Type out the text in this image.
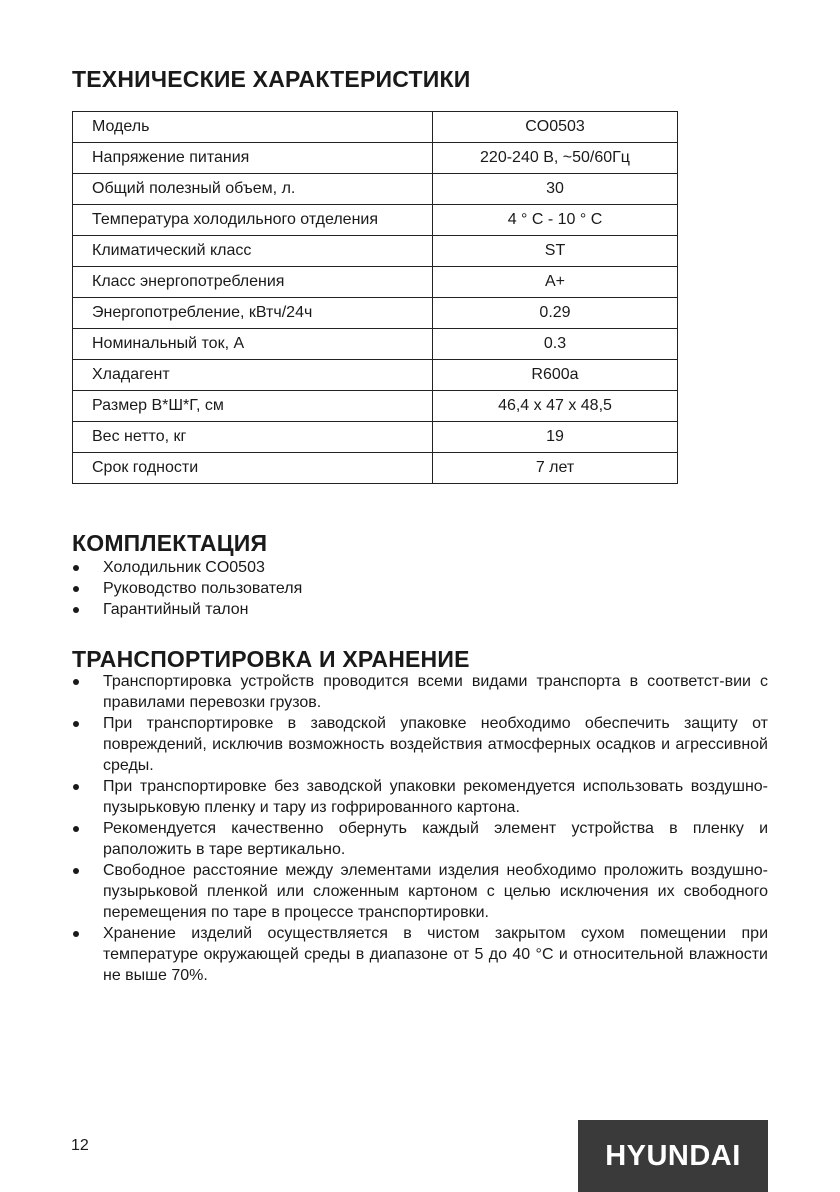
ТЕХНИЧЕСКИЕ ХАРАКТЕРИСТИКИ
Модель	CO0503
Напряжение питания	220-240 В, ~50/60Гц
Общий полезный объем, л.	30
Температура холодильного отделения	4 ° C - 10 ° C
Климатический класс	ST
Класс энергопотребления	A+
Энергопотребление, кВтч/24ч	0.29
Номинальный ток, А	0.3
Хладагент	R600a
Размер В*Ш*Г, см	46,4 х 47 х 48,5
Вес нетто, кг	19
Срок годности	7 лет
КОМПЛЕКТАЦИЯ
Холодильник CO0503
Руководство пользователя
Гарантийный талон
ТРАНСПОРТИРОВКА И ХРАНЕНИЕ
Транспортировка устройств проводится всеми видами транспорта в соответст-вии с правилами перевозки грузов.
При транспортировке в заводской упаковке необходимо обеспечить защиту от повреждений, исключив возможность воздействия атмосферных осадков и агрессивной среды.
При транспортировке без заводской упаковки рекомендуется использовать воздушно- пузырьковую пленку и тару из гофрированного картона.
Рекомендуется качественно обернуть каждый элемент устройства в пленку и раположить в таре вертикально.
Свободное расстояние между элементами изделия необходимо проложить воздушно- пузырьковой пленкой или сложенным картоном с целью исключения их свободного перемещения по таре в процессе транспортировки.
Хранение изделий осуществляется в чистом закрытом сухом помещении при температуре окружающей среды в диапазоне от 5 до 40 °С и относительной влажности не выше 70%.
12	HYUNDAI
